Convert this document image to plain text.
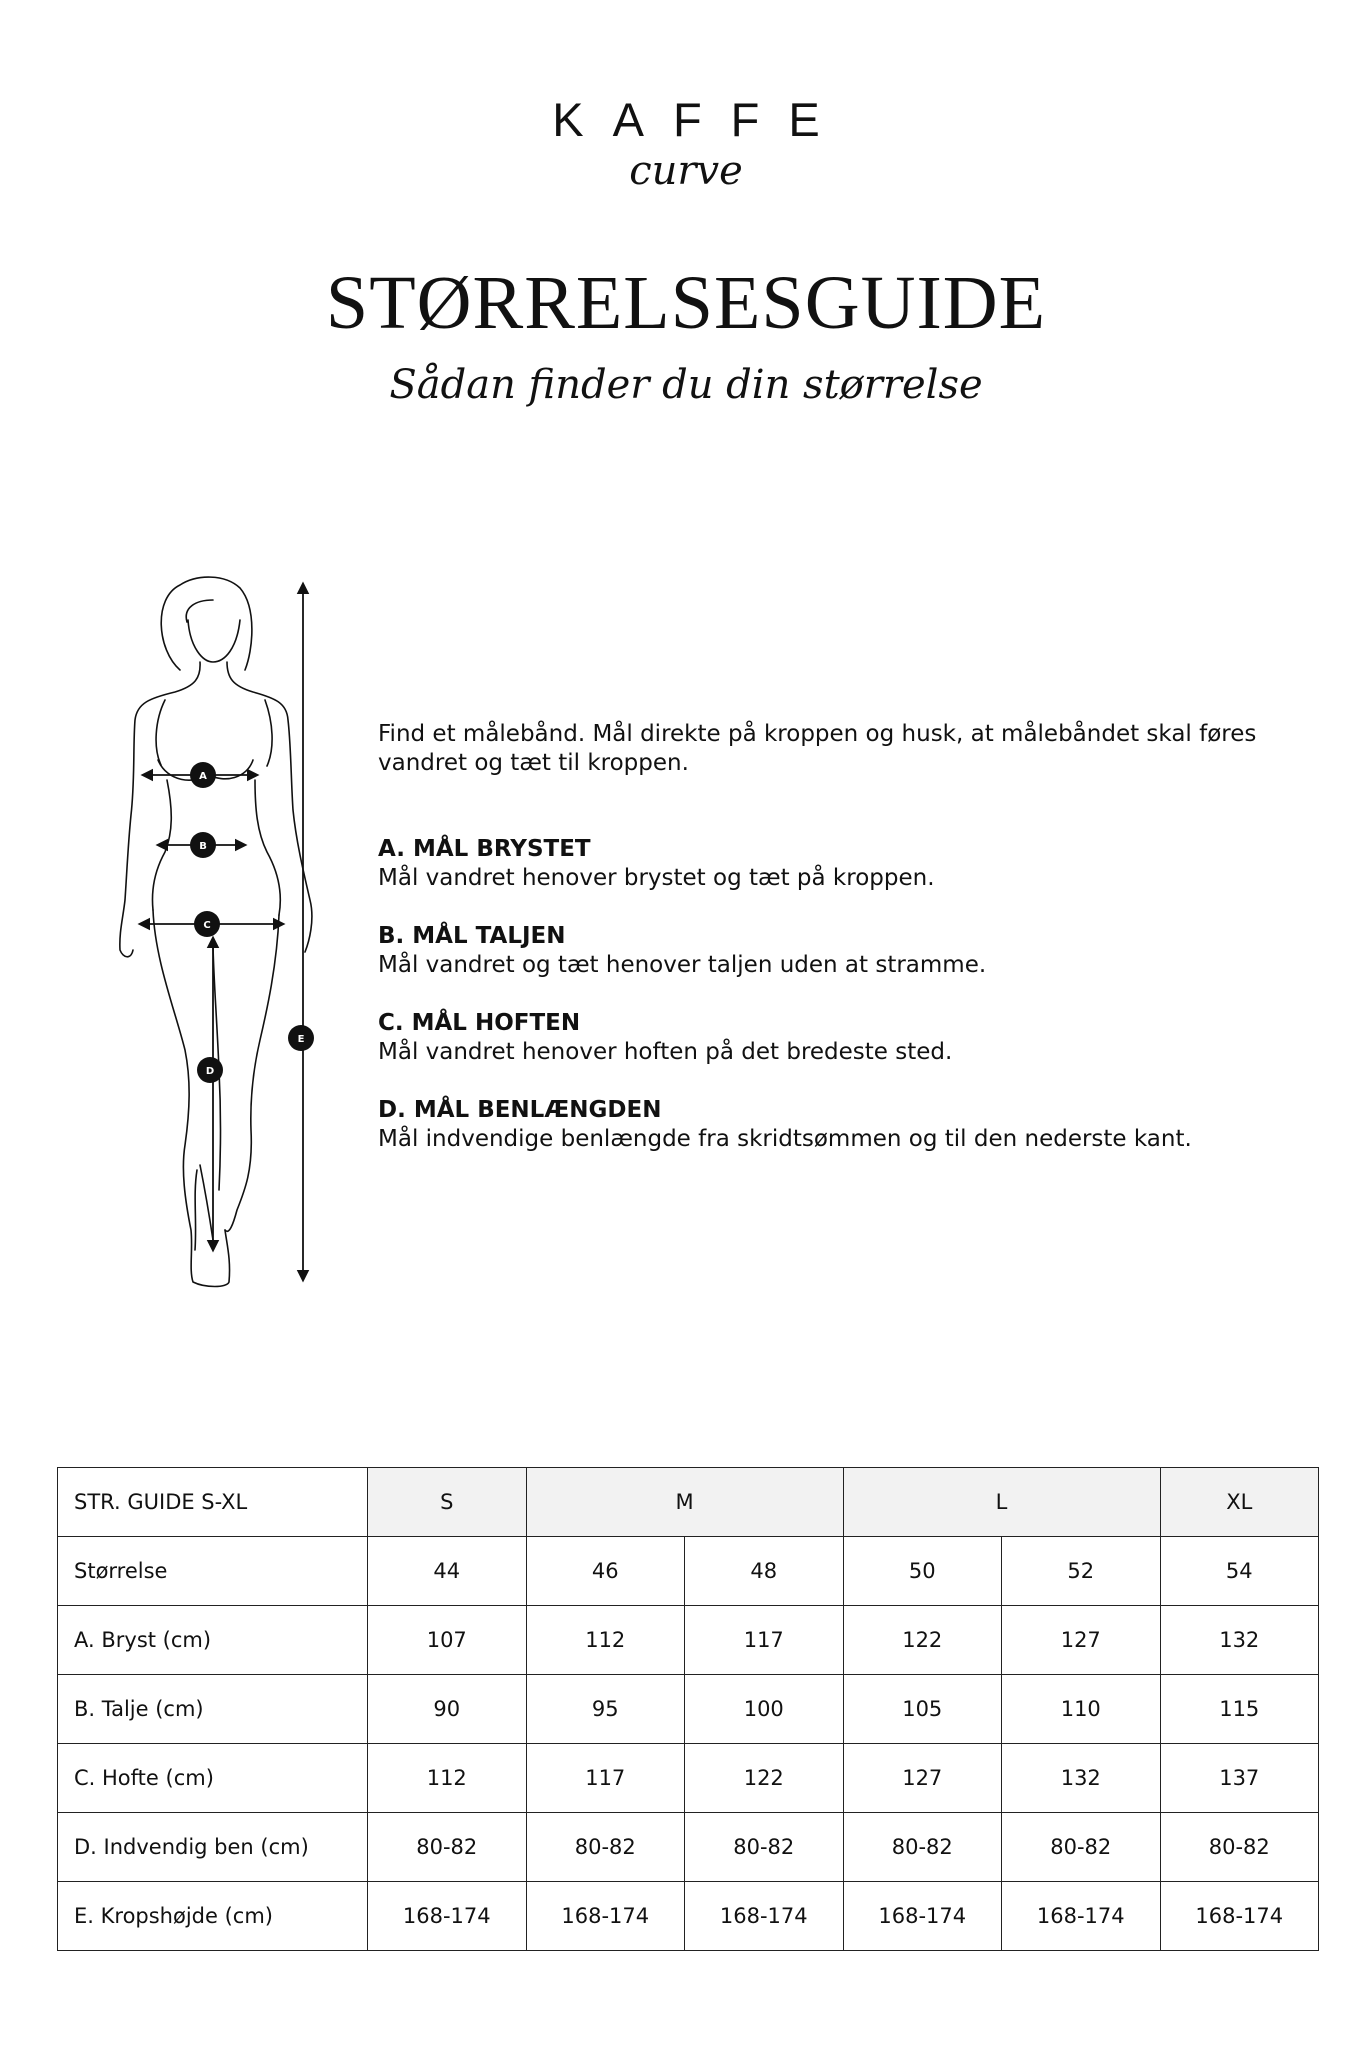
KAFFE
curve
STØRRELSESGUIDE
Sådan finder du din størrelse
A
B
C
D
E
Find et målebånd. Mål direkte på kroppen og husk, at målebåndet skal føres vandret og tæt til kroppen.
A. MÅL BRYSTET
Mål vandret henover brystet og tæt på kroppen.
B. MÅL TALJEN
Mål vandret og tæt henover taljen uden at stramme.
C. MÅL HOFTEN
Mål vandret henover hoften på det bredeste sted.
D. MÅL BENLÆNGDEN
Mål indvendige benlængde fra skridtsømmen og til den nederste kant.
STR. GUIDE S-XL	S	M		L		XL
Størrelse	44	46	48	50	52	54
A. Bryst (cm)	107	112	117	122	127	132
B. Talje (cm)	90	95	100	105	110	115
C. Hofte (cm)	112	117	122	127	132	137
D. Indvendig ben (cm)	80-82	80-82	80-82	80-82	80-82	80-82
E. Kropshøjde (cm)	168-174	168-174	168-174	168-174	168-174	168-174
